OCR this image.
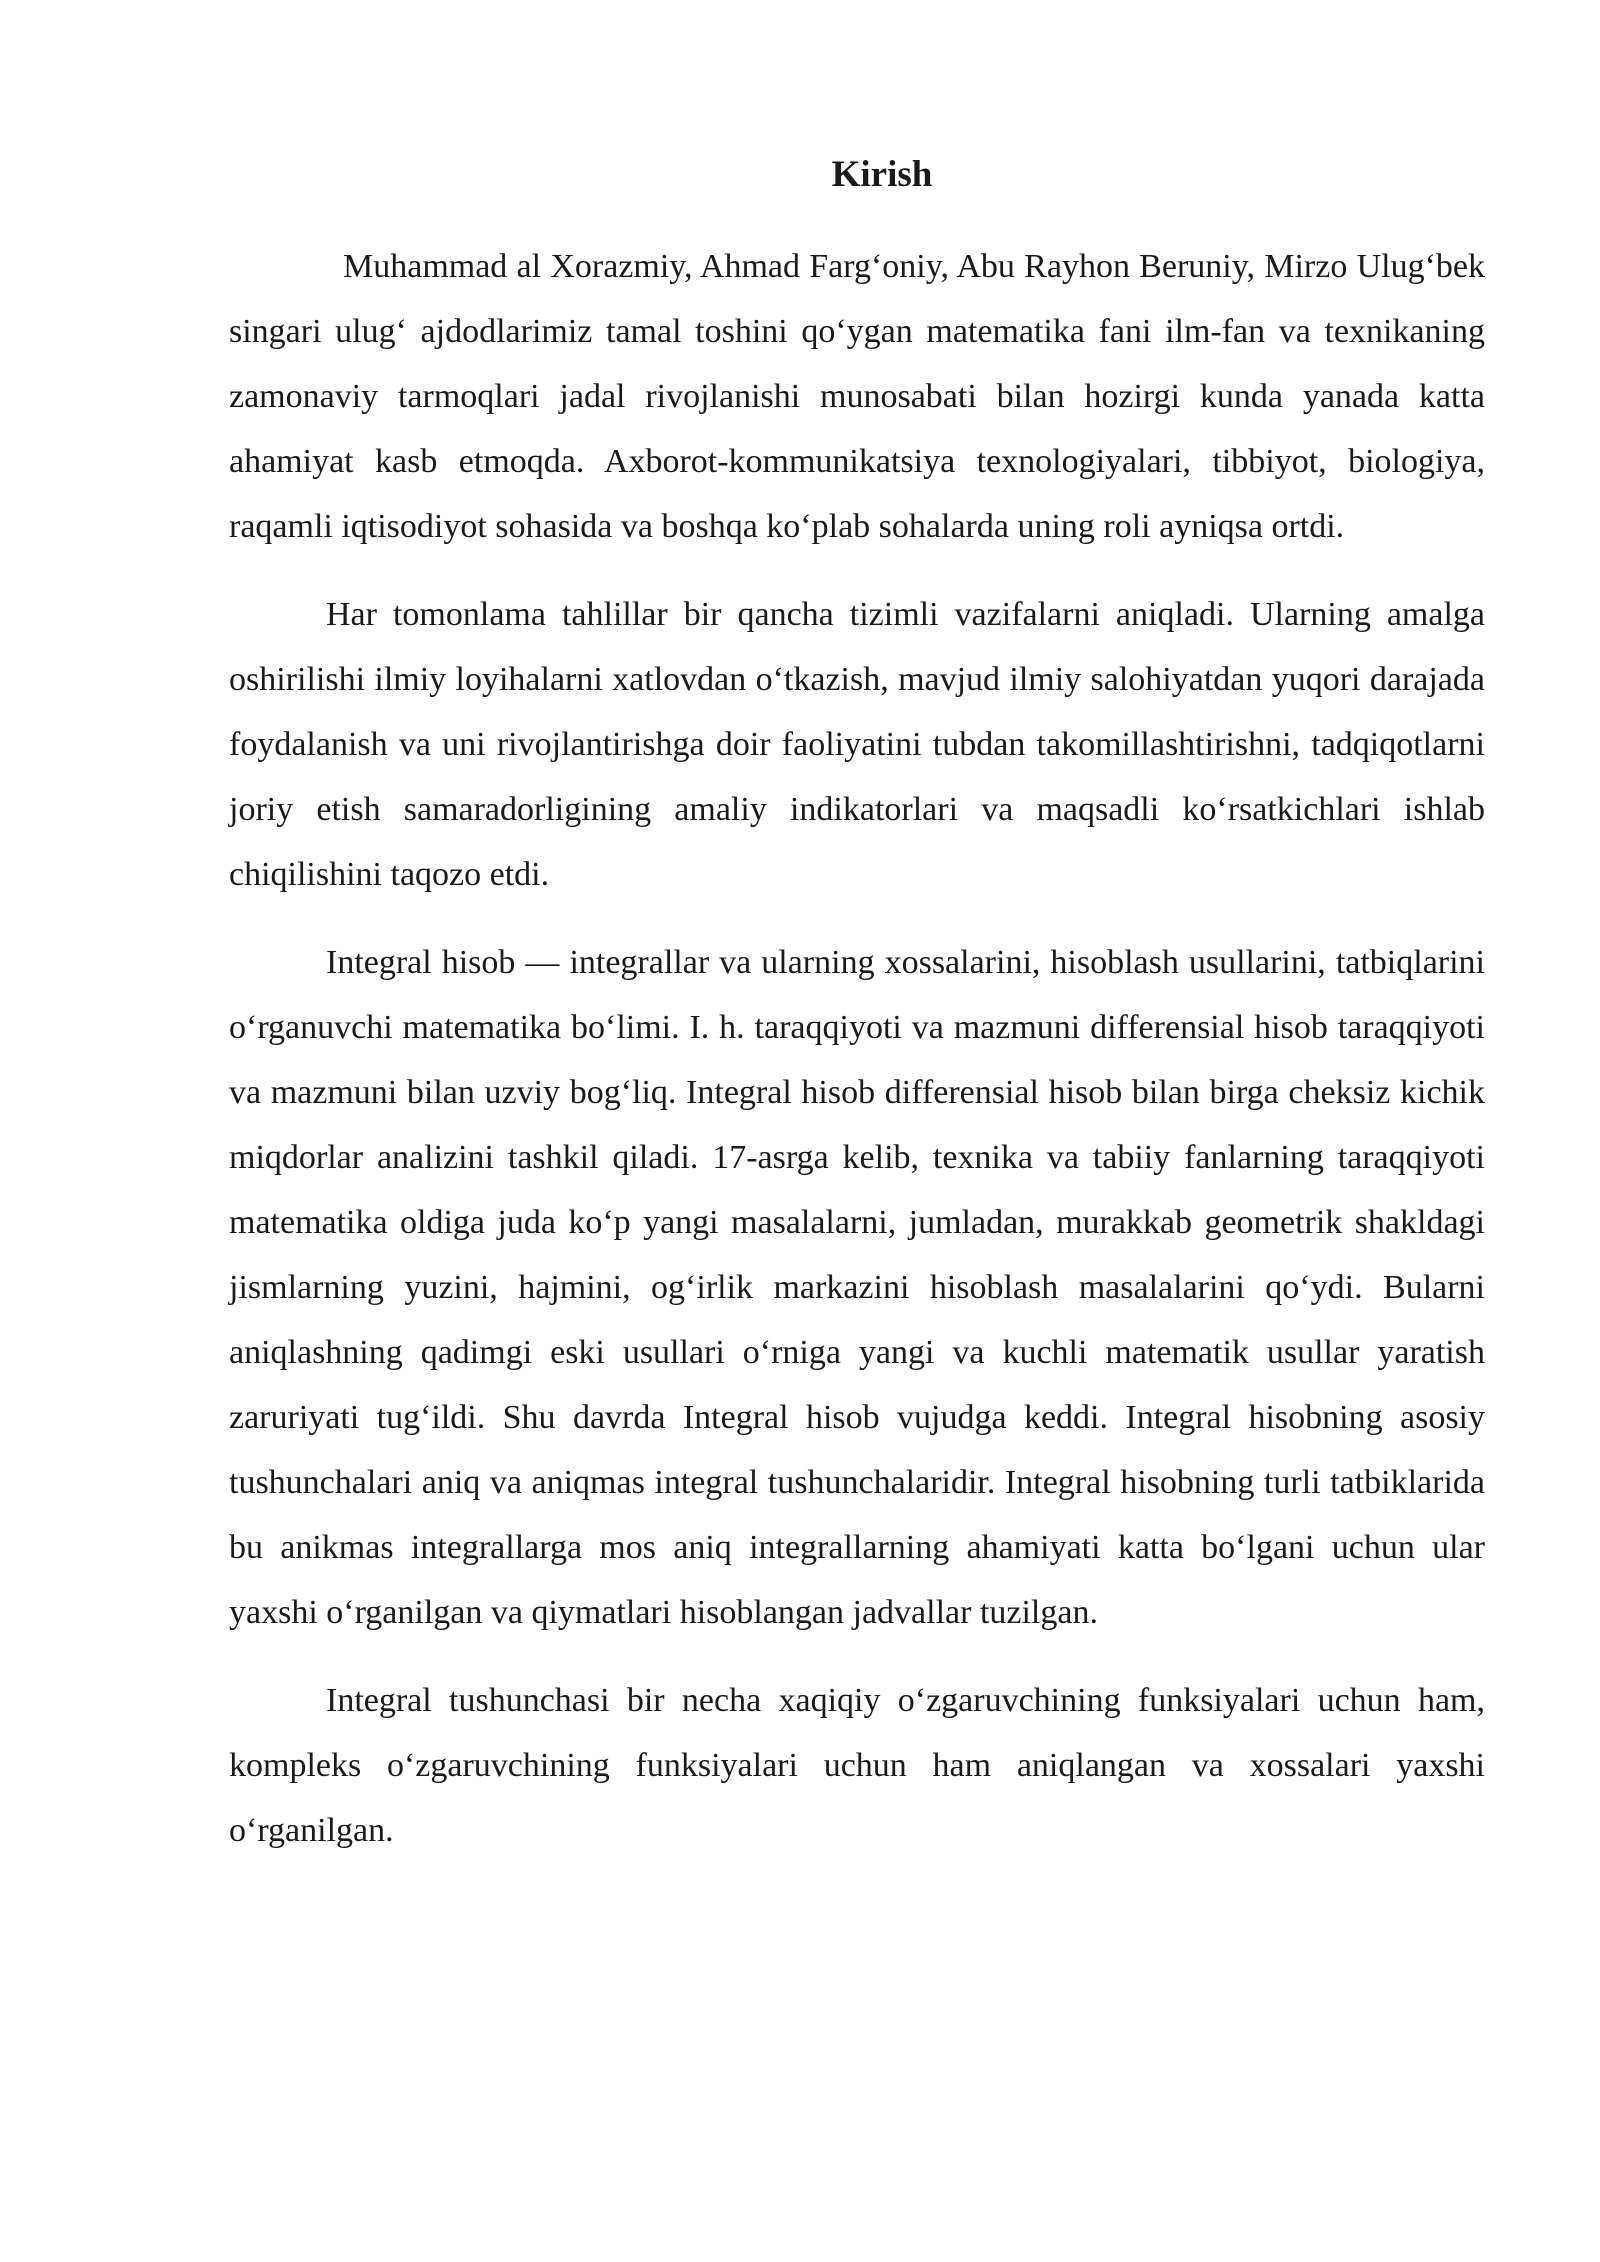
Kirish

Muhammad al Xorazmiy, Ahmad Farg‘oniy, Abu Rayhon Beruniy, Mirzo Ulug‘bek singari ulug‘ ajdodlarimiz tamal toshini qo‘ygan matematika fani ilm-fan va texnikaning zamonaviy tarmoqlari jadal rivojlanishi munosabati bilan hozirgi kunda yanada katta ahamiyat kasb etmoqda. Axborot-kommunikatsiya texnologiyalari, tibbiyot, biologiya, raqamli iqtisodiyot sohasida va boshqa ko‘plab sohalarda uning roli ayniqsa ortdi.

Har tomonlama tahlillar bir qancha tizimli vazifalarni aniqladi. Ularning amalga oshirilishi ilmiy loyihalarni xatlovdan o‘tkazish, mavjud ilmiy salohiyatdan yuqori darajada foydalanish va uni rivojlantirishga doir faoliyatini tubdan takomillashtirishni, tadqiqotlarni joriy etish samaradorligining amaliy indikatorlari va maqsadli ko‘rsatkichlari ishlab chiqilishini taqozo etdi.

Integral hisob — integrallar va ularning xossalarini, hisoblash usullarini, tatbiqlarini o‘rganuvchi matematika bo‘limi. I. h. taraqqiyoti va mazmuni differensial hisob taraqqiyoti va mazmuni bilan uzviy bog‘liq. Integral hisob differensial hisob bilan birga cheksiz kichik miqdorlar analizini tashkil qiladi. 17-asrga kelib, texnika va tabiiy fanlarning taraqqiyoti matematika oldiga juda ko‘p yangi masalalarni, jumladan, murakkab geometrik shakldagi jismlarning yuzini, hajmini, og‘irlik markazini hisoblash masalalarini qo‘ydi. Bularni aniqlashning qadimgi eski usullari o‘rniga yangi va kuchli matematik usullar yaratish zaruriyati tug‘ildi. Shu davrda Integral hisob vujudga keddi. Integral hisobning asosiy tushunchalari aniq va aniqmas integral tushunchalaridir. Integral hisobning turli tatbiklarida bu anikmas integrallarga mos aniq integrallarning ahamiyati katta bo‘lgani uchun ular yaxshi o‘rganilgan va qiymatlari hisoblangan jadvallar tuzilgan.

Integral tushunchasi bir necha xaqiqiy o‘zgaruvchining funksiyalari uchun ham, kompleks o‘zgaruvchining funksiyalari uchun ham aniqlangan va xossalari yaxshi o‘rganilgan.
